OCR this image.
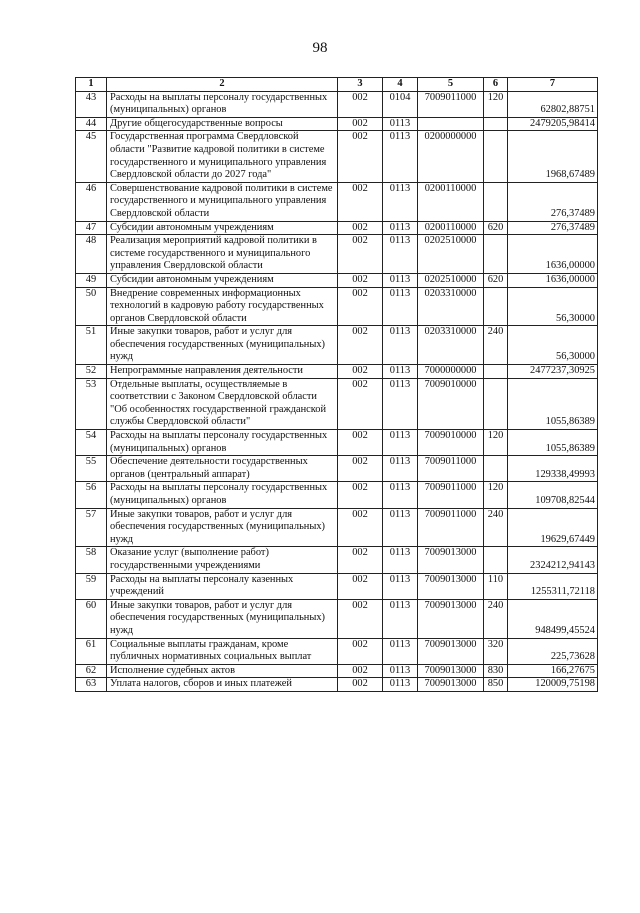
98
1	2	3	4	5	6	7
43	Расходы на выплаты персоналу государственных (муниципальных) органов	002	0104	7009011000	120	62802,88751
44	Другие общегосударственные вопросы	002	0113			2479205,98414
45	Государственная программа Свердловской области "Развитие кадровой политики в системе государственного и муниципального управления Свердловской области до 2027 года"	002	0113	0200000000		1968,67489
46	Совершенствование кадровой политики в системе государственного и муниципального управления Свердловской области	002	0113	0200110000		276,37489
47	Субсидии автономным учреждениям	002	0113	0200110000	620	276,37489
48	Реализация мероприятий кадровой политики в системе государственного и муниципального управления Свердловской области	002	0113	0202510000		1636,00000
49	Субсидии автономным учреждениям	002	0113	0202510000	620	1636,00000
50	Внедрение современных информационных технологий в кадровую работу государственных органов Свердловской области	002	0113	0203310000		56,30000
51	Иные закупки товаров, работ и услуг для обеспечения государственных (муниципальных) нужд	002	0113	0203310000	240	56,30000
52	Непрограммные направления деятельности	002	0113	7000000000		2477237,30925
53	Отдельные выплаты, осуществляемые в соответствии с Законом Свердловской области "Об особенностях государственной гражданской службы Свердловской области"	002	0113	7009010000		1055,86389
54	Расходы на выплаты персоналу государственных (муниципальных) органов	002	0113	7009010000	120	1055,86389
55	Обеспечение деятельности государственных органов (центральный аппарат)	002	0113	7009011000		129338,49993
56	Расходы на выплаты персоналу государственных (муниципальных) органов	002	0113	7009011000	120	109708,82544
57	Иные закупки товаров, работ и услуг для обеспечения государственных (муниципальных) нужд	002	0113	7009011000	240	19629,67449
58	Оказание услуг (выполнение работ) государственными учреждениями	002	0113	7009013000		2324212,94143
59	Расходы на выплаты персоналу казенных учреждений	002	0113	7009013000	110	1255311,72118
60	Иные закупки товаров, работ и услуг для обеспечения государственных (муниципальных) нужд	002	0113	7009013000	240	948499,45524
61	Социальные выплаты гражданам, кроме публичных нормативных социальных выплат	002	0113	7009013000	320	225,73628
62	Исполнение судебных актов	002	0113	7009013000	830	166,27675
63	Уплата налогов, сборов и иных платежей	002	0113	7009013000	850	120009,75198
